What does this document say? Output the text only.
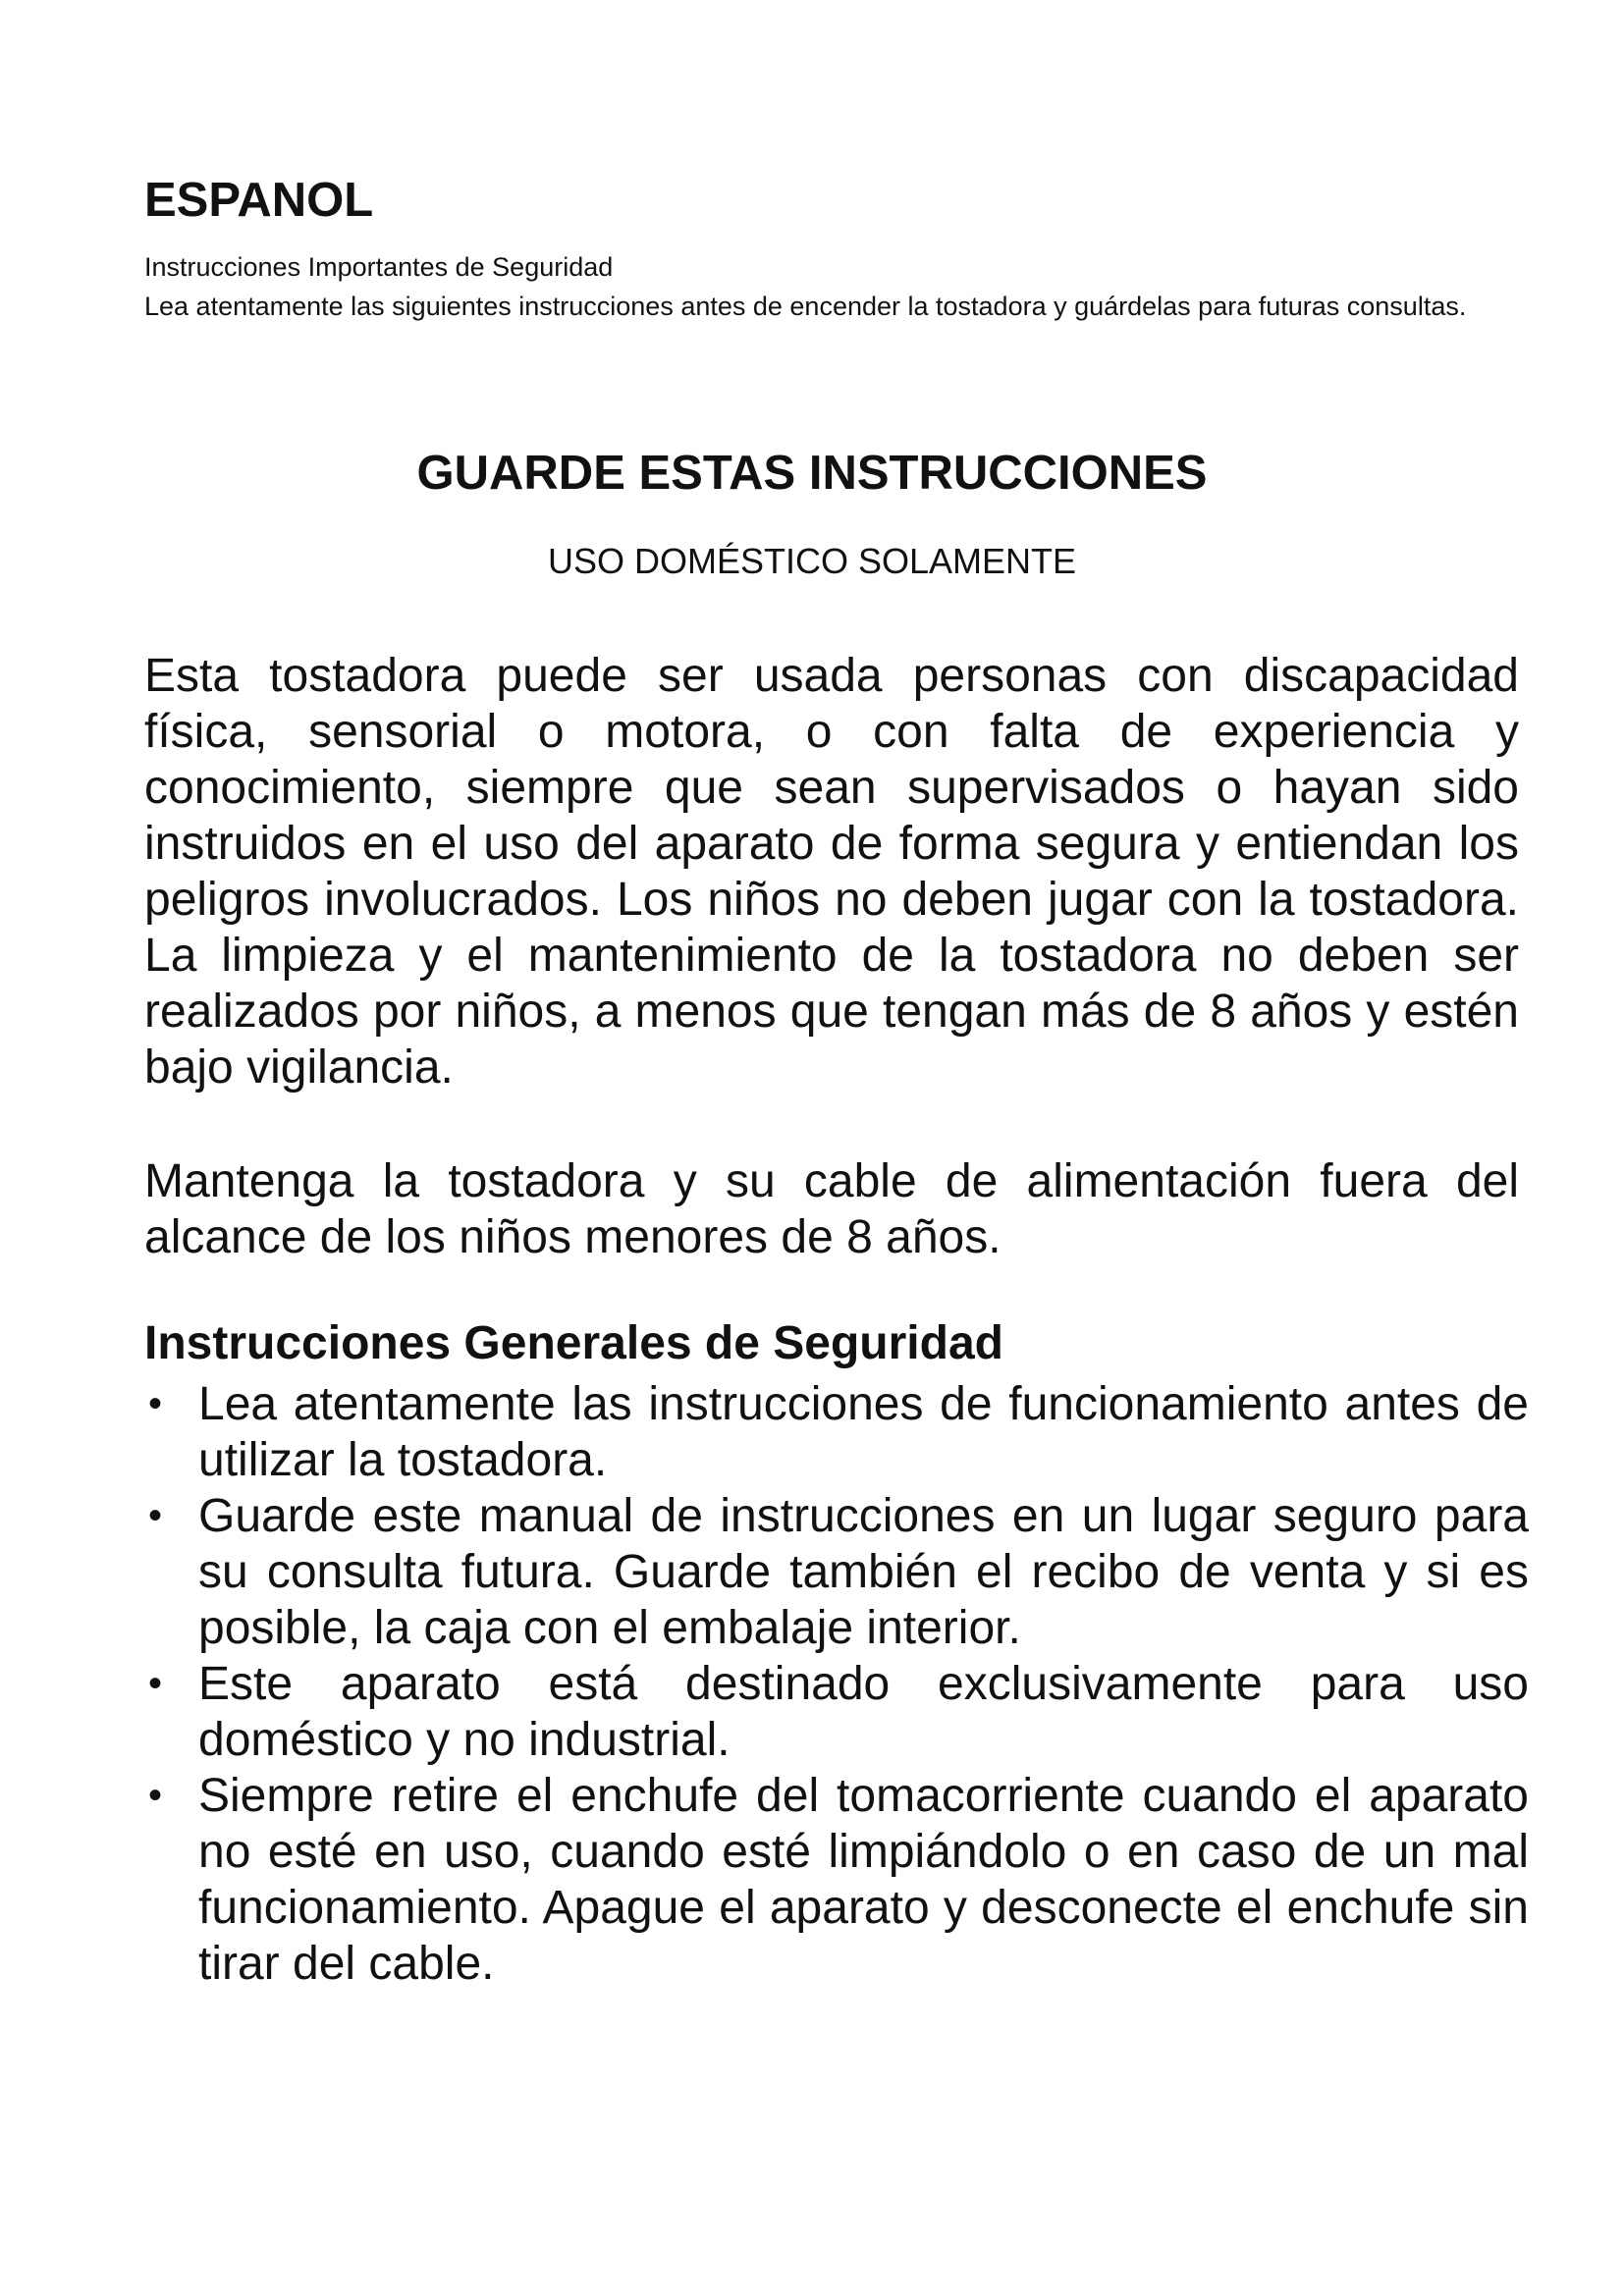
ESPANOL

Instrucciones Importantes de Seguridad

Lea atentamente las siguientes instrucciones antes de encender la tostadora y guárdelas para futuras consultas.

GUARDE ESTAS INSTRUCCIONES
USO DOMÉSTICO SOLAMENTE

Esta tostadora puede ser usada personas con discapacidad física, sensorial o motora, o con falta de experiencia y conocimiento, siempre que sean supervisados o hayan sido instruidos en el uso del aparato de forma segura y entiendan los peligros involucrados. Los niños no deben jugar con la tostadora. La limpieza y el mantenimiento de la tostadora no deben ser realizados por niños, a menos que tengan más de 8 años y estén bajo vigilancia.

Mantenga la tostadora y su cable de alimentación fuera del alcance de los niños menores de 8 años.

Instrucciones Generales de Seguridad
• Lea atentamente las instrucciones de funcionamiento antes de utilizar la tostadora.
• Guarde este manual de instrucciones en un lugar seguro para su consulta futura. Guarde también el recibo de venta y si es posible, la caja con el embalaje interior.
• Este aparato está destinado exclusivamente para uso doméstico y no industrial.
• Siempre retire el enchufe del tomacorriente cuando el aparato no esté en uso, cuando esté limpiándolo o en caso de un mal funcionamiento. Apague el aparato y desconecte el enchufe sin tirar del cable.
